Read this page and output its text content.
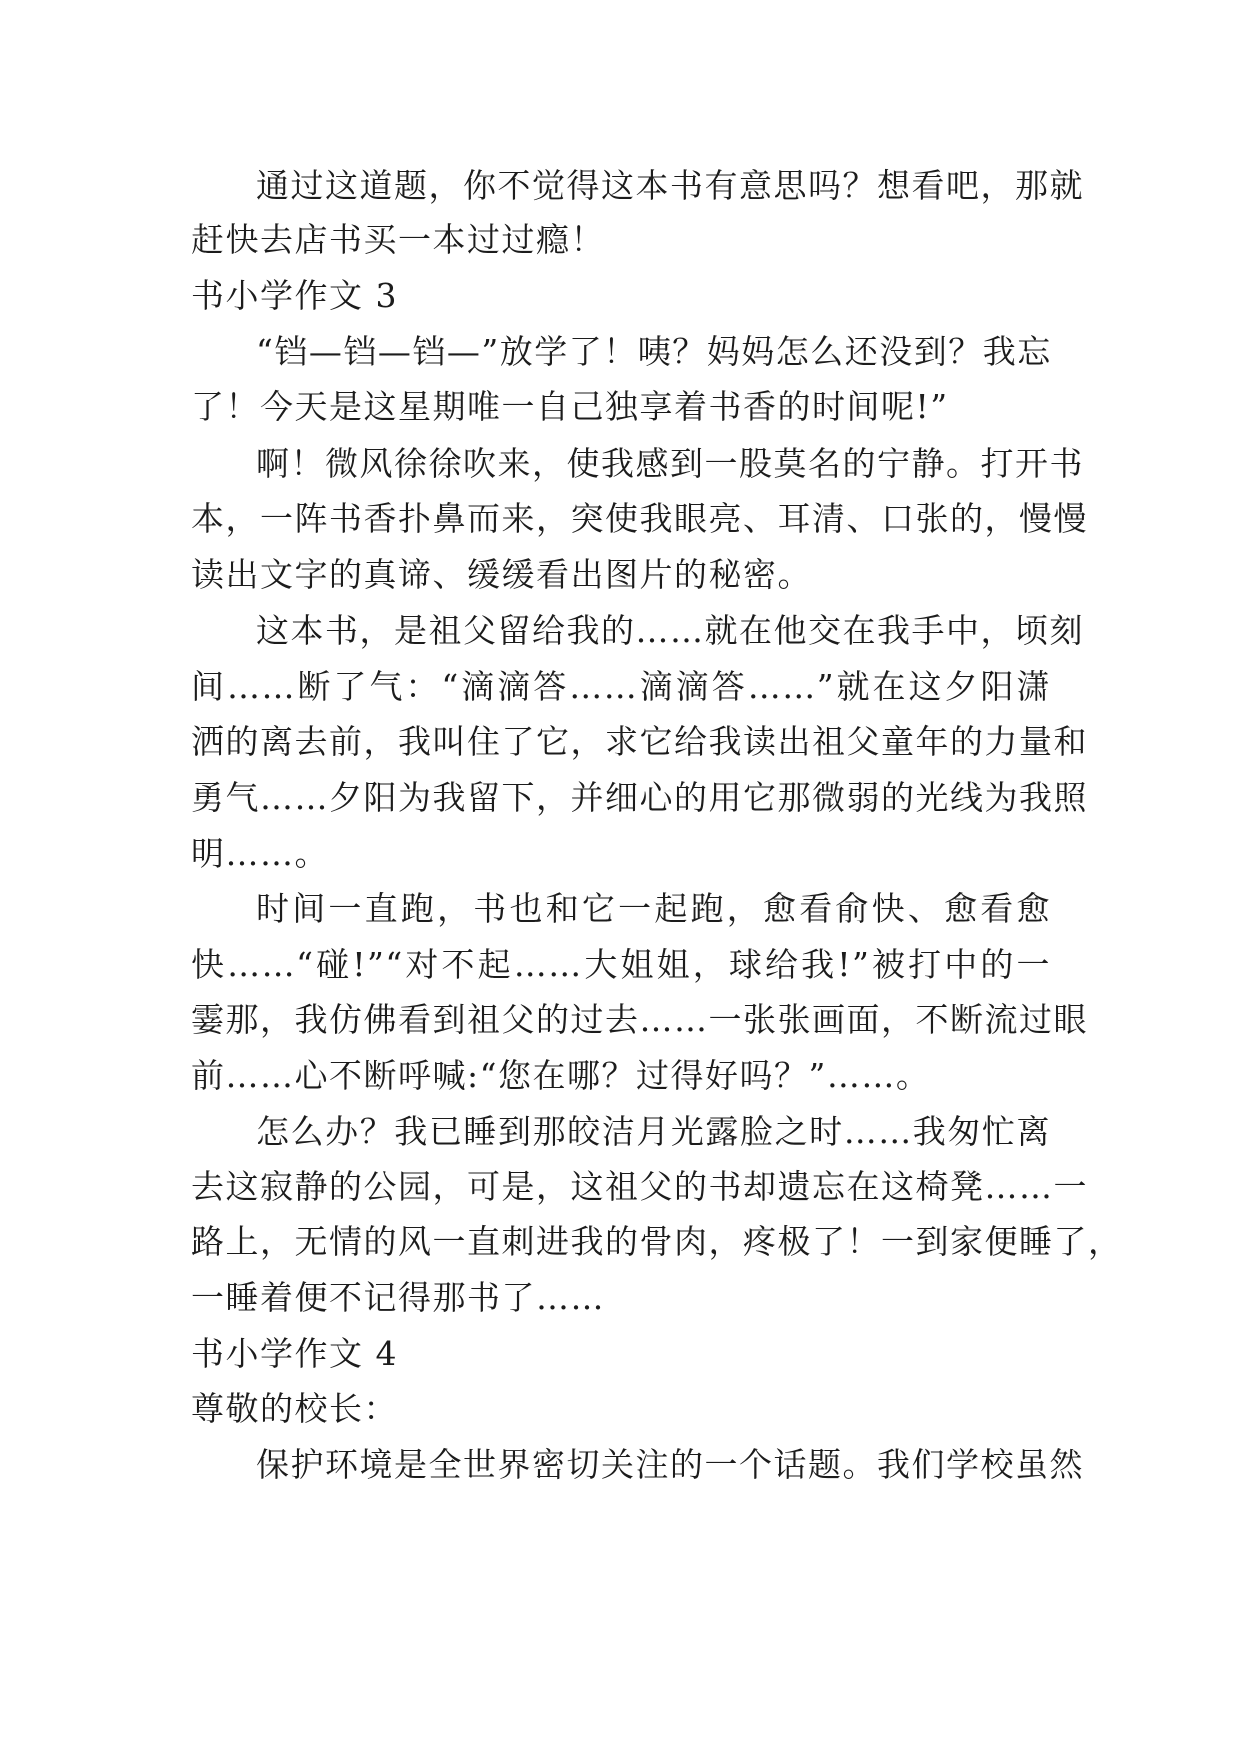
通过这道题，你不觉得这本书有意思吗？想看吧，那就
赶快去店书买一本过过瘾！
书小学作文 3
“铛—铛—铛—”放学了！咦？妈妈怎么还没到？我忘
了！今天是这星期唯一自己独享着书香的时间呢!”
啊！微风徐徐吹来，使我感到一股莫名的宁静。打开书
本，一阵书香扑鼻而来，突使我眼亮、耳清、口张的，慢慢
读出文字的真谛、缓缓看出图片的秘密。
这本书，是祖父留给我的……就在他交在我手中，顷刻
间……断了气：“滴滴答……滴滴答……”就在这夕阳潇
洒的离去前，我叫住了它，求它给我读出祖父童年的力量和
勇气……夕阳为我留下，并细心的用它那微弱的光线为我照
明……。
时间一直跑，书也和它一起跑，愈看俞快、愈看愈
快……“碰!”“对不起……大姐姐，球给我!”被打中的一
霎那，我仿佛看到祖父的过去……一张张画面，不断流过眼
前……心不断呼喊:“您在哪？过得好吗？”……。
怎么办？我已睡到那皎洁月光露脸之时……我匆忙离
去这寂静的公园，可是，这祖父的书却遗忘在这椅凳……一
路上，无情的风一直刺进我的骨肉，疼极了！一到家便睡了，
一睡着便不记得那书了……
书小学作文 4
尊敬的校长：
保护环境是全世界密切关注的一个话题。我们学校虽然
